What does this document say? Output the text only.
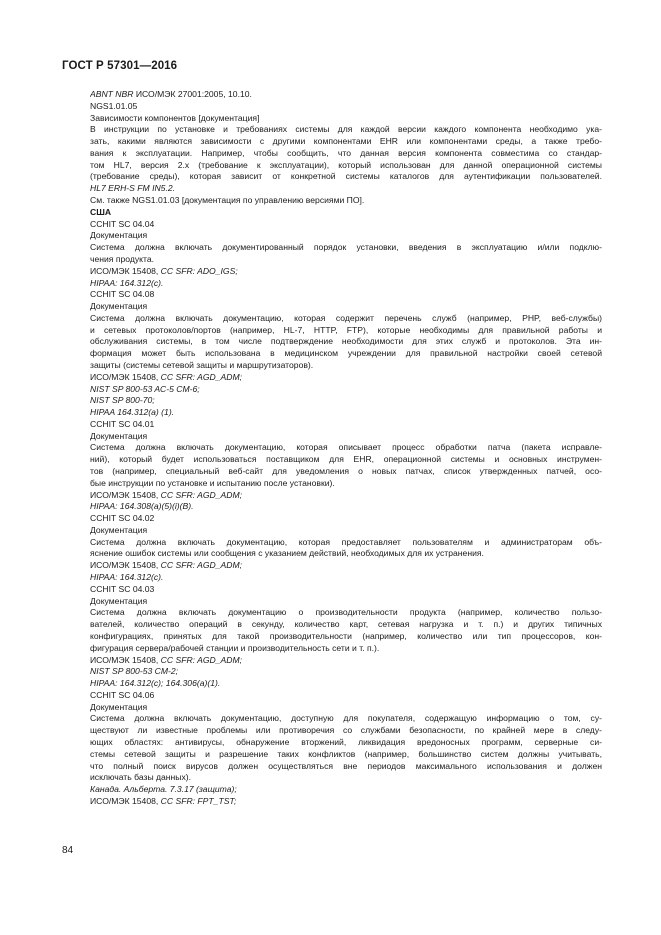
ГОСТ Р 57301—2016
ABNT NBR ИСО/МЭК 27001:2005, 10.10.
NGS1.01.05
Зависимости компонентов [документация]
В инструкции по установке и требованиях системы для каждой версии каждого компонента необходимо ука-
зать, какими являются зависимости с другими компонентами EHR или компонентами среды, а также требо-
вания к эксплуатации. Например, чтобы сообщить, что данная версия компонента совместима со стандар-
том HL7, версия 2.x (требование к эксплуатации), который использован для данной операционной системы
(требование среды), которая зависит от конкретной системы каталогов для аутентификации пользователей.
HL7 ERH-S FM IN5.2.
См. также NGS1.01.03 [документация по управлению версиями ПО].
США
CCHIT SC 04.04
Документация
Система должна включать документированный порядок установки, введения в эксплуатацию и/или подклю-
чения продукта.
ИСО/МЭК 15408, CC SFR: ADO_IGS;
HIPAA: 164.312(c).
CCHIT SC 04.08
Документация
Система должна включать документацию, которая содержит перечень служб (например, PHP, веб-службы)
и сетевых протоколов/портов (например, HL-7, HTTP, FTP), которые необходимы для правильной работы и
обслуживания системы, в том числе подтверждение необходимости для этих служб и протоколов. Эта ин-
формация может быть использована в медицинском учреждении для правильной настройки своей сетевой
защиты (системы сетевой защиты и маршрутизаторов).
ИСО/МЭК 15408, CC SFR: AGD_ADM;
NIST SP 800-53 AC-5 CM-6;
NIST SP 800-70;
HIPAA 164.312(a) (1).
CCHIT SC 04.01
Документация
Система должна включать документацию, которая описывает процесс обработки патча (пакета исправле-
ний), который будет использоваться поставщиком для EHR, операционной системы и основных инструмен-
тов (например, специальный веб-сайт для уведомления о новых патчах, список утвержденных патчей, осо-
бые инструкции по установке и испытанию после установки).
ИСО/МЭК 15408, CC SFR: AGD_ADM;
HIPAA: 164.308(a)(5)(i)(B).
CCHIT SC 04.02
Документация
Система должна включать документацию, которая предоставляет пользователям и администраторам объ-
яснение ошибок системы или сообщения с указанием действий, необходимых для их устранения.
ИСО/МЭК 15408, CC SFR: AGD_ADM;
HIPAA: 164.312(c).
CCHIT SC 04.03
Документация
Система должна включать документацию о производительности продукта (например, количество пользо-
вателей, количество операций в секунду, количество карт, сетевая нагрузка и т. п.) и других типичных
конфигурациях, принятых для такой производительности (например, количество или тип процессоров, кон-
фигурация сервера/рабочей станции и производительность сети и т. п.).
ИСО/МЭК 15408, CC SFR: AGD_ADM;
NIST SP 800-53 CM-2;
HIPAA: 164.312(c); 164.306(a)(1).
CCHIT SC 04.06
Документация
Система должна включать документацию, доступную для покупателя, содержащую информацию о том, су-
ществуют ли известные проблемы или противоречия со службами безопасности, по крайней мере в следу-
ющих областях: антивирусы, обнаружение вторжений, ликвидация вредоносных программ, серверные си-
стемы сетевой защиты и разрешение таких конфликтов (например, большинство систем должны учитывать,
что полный поиск вирусов должен осуществляться вне периодов максимального использования и должен
исключать базы данных).
Канада. Альберта. 7.3.17 (защита);
ИСО/МЭК 15408, CC SFR: FPT_TST;
84
